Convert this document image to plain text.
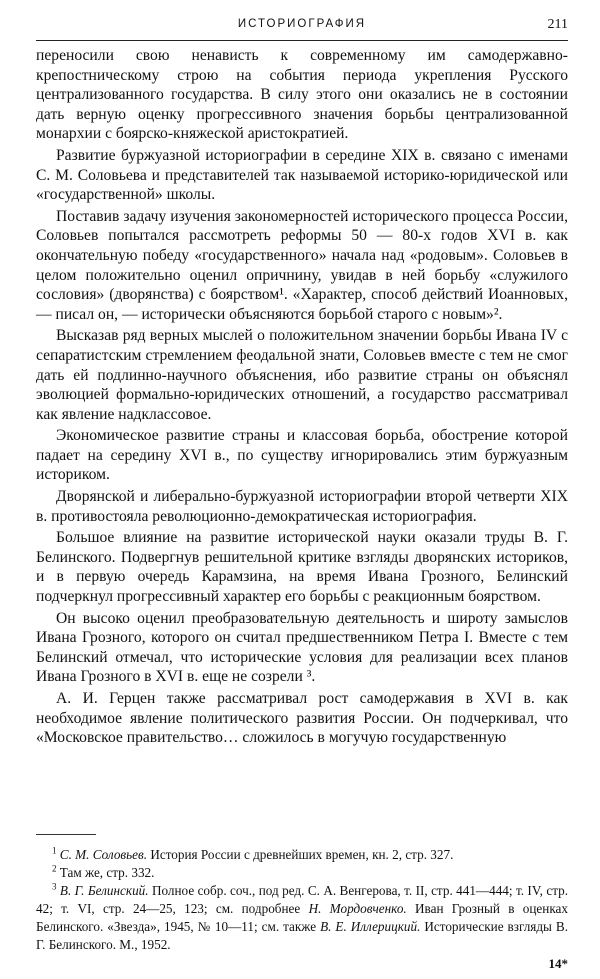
ИСТОРИОГРАФИЯ	211

переносили свою ненависть к современному им самодержавно-крепостническому строю на события периода укрепления Русского централизованного государства. В силу этого они оказались не в состоянии дать верную оценку прогрессивного значения борьбы централизованной монархии с боярско-княжеской аристократией.

Развитие буржуазной историографии в середине XIX в. связано с именами С. М. Соловьева и представителей так называемой историко-юридической или «государственной» школы.

Поставив задачу изучения закономерностей исторического процесса России, Соловьев попытался рассмотреть реформы 50 — 80-х годов XVI в. как окончательную победу «государственного» начала над «родовым». Соловьев в целом положительно оценил опричнину, увидав в ней борьбу «служилого сословия» (дворянства) с боярством¹. «Характер, способ действий Иоанновых, — писал он, — исторически объясняются борьбой старого с новым»².

Высказав ряд верных мыслей о положительном значении борьбы Ивана IV с сепаратистским стремлением феодальной знати, Соловьев вместе с тем не смог дать ей подлинно-научного объяснения, ибо развитие страны он объяснял эволюцией формально-юридических отношений, а государство рассматривал как явление надклассовое.

Экономическое развитие страны и классовая борьба, обострение которой падает на середину XVI в., по существу игнорировались этим буржуазным историком.

Дворянской и либерально-буржуазной историографии второй четверти XIX в. противостояла революционно-демократическая историография.

Большое влияние на развитие исторической науки оказали труды В. Г. Белинского. Подвергнув решительной критике взгляды дворянских историков, и в первую очередь Карамзина, на время Ивана Грозного, Белинский подчеркнул прогрессивный характер его борьбы с реакционным боярством.

Он высоко оценил преобразовательную деятельность и широту замыслов Ивана Грозного, которого он считал предшественником Петра I. Вместе с тем Белинский отмечал, что исторические условия для реализации всех планов Ивана Грозного в XVI в. еще не созрели ³.

А. И. Герцен также рассматривал рост самодержавия в XVI в. как необходимое явление политического развития России. Он подчеркивал, что «Московское правительство… сложилось в могучую государственную

$^1$ С. М. Соловьев. История России с древнейших времен, кн. 2, стр. 327.

$^2$ Там же, стр. 332.

$^3$ В. Г. Белинский. Полное собр. соч., под ред. С. А. Венгерова, т. II, стр. 441—444; т. IV, стр. 42; т. VI, стр. 24—25, 123; см. подробнее Н. Мордовченко. Иван Грозный в оценках Белинского. «Звезда», 1945, № 10—11; см. также В. Е. Иллерицкий. Исторические взгляды В. Г. Белинского. М., 1952.

14*
